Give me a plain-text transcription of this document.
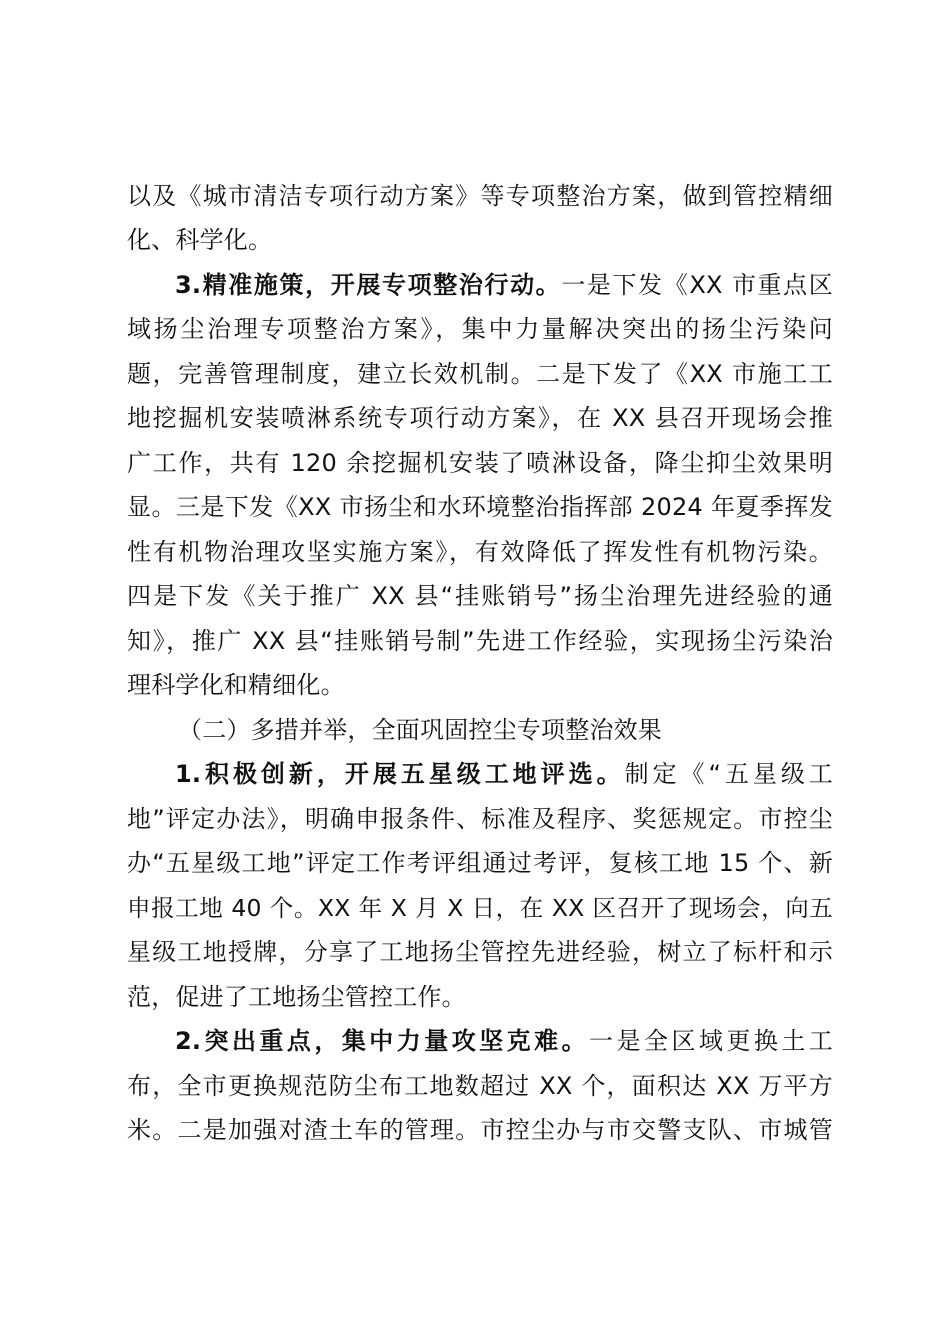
以及《城市清洁专项行动方案》等专项整治方案，做到管控精细
化、科学化。
3.精准施策，开展专项整治行动。一是下发《XX 市重点区
域扬尘治理专项整治方案》，集中力量解决突出的扬尘污染问
题，完善管理制度，建立长效机制。二是下发了《XX 市施工工
地挖掘机安装喷淋系统专项行动方案》，在 XX 县召开现场会推
广工作，共有 120 余挖掘机安装了喷淋设备，降尘抑尘效果明
显。三是下发《XX 市扬尘和水环境整治指挥部 2024 年夏季挥发
性有机物治理攻坚实施方案》，有效降低了挥发性有机物污染。
四是下发《关于推广 XX 县“挂账销号”扬尘治理先进经验的通
知》，推广 XX 县“挂账销号制”先进工作经验，实现扬尘污染治
理科学化和精细化。
（二）多措并举，全面巩固控尘专项整治效果
1.积极创新，开展五星级工地评选。制定《“五星级工
地”评定办法》，明确申报条件、标准及程序、奖惩规定。市控尘
办“五星级工地”评定工作考评组通过考评，复核工地 15 个、新
申报工地 40 个。XX 年 X 月 X 日，在 XX 区召开了现场会，向五
星级工地授牌，分享了工地扬尘管控先进经验，树立了标杆和示
范，促进了工地扬尘管控工作。
2.突出重点，集中力量攻坚克难。一是全区域更换土工
布，全市更换规范防尘布工地数超过 XX 个，面积达 XX 万平方
米。二是加强对渣土车的管理。市控尘办与市交警支队、市城管
